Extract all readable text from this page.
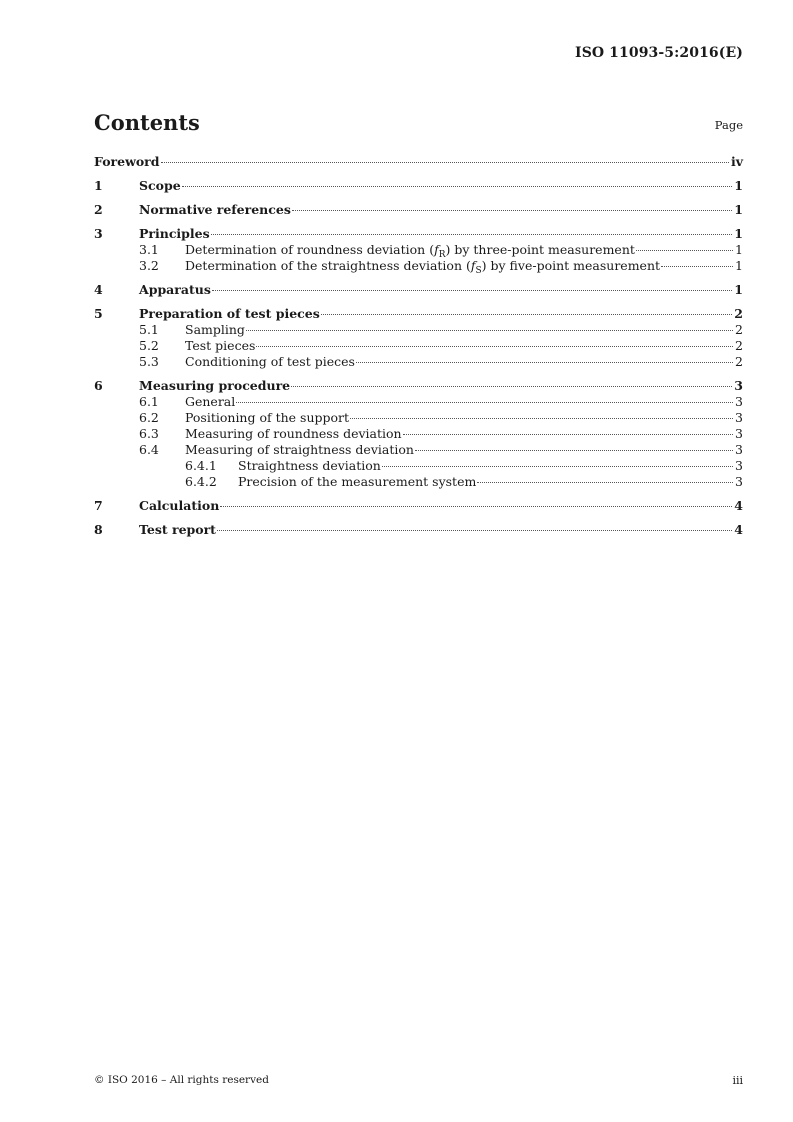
ISO 11093-5:2016(E)
Contents	Page
Foreword	iv
1	Scope	1
2	Normative references	1
3	Principles	1
3.1 Determination of roundness deviation $(f_R)$ by three-point measurement	1
3.2 Determination of the straightness deviation $(f_S)$ by five-point measurement	1
4	Apparatus	1
5	Preparation of test pieces	2
5.1 Sampling	2
5.2 Test pieces	2
5.3 Conditioning of test pieces	2
6	Measuring procedure	3
6.1 General	3
6.2 Positioning of the support	3
6.3 Measuring of roundness deviation	3
6.4 Measuring of straightness deviation	3
6.4.1 Straightness deviation	3
6.4.2 Precision of the measurement system	3
7	Calculation	4
8	Test report	4
© ISO 2016 – All rights reserved	iii
